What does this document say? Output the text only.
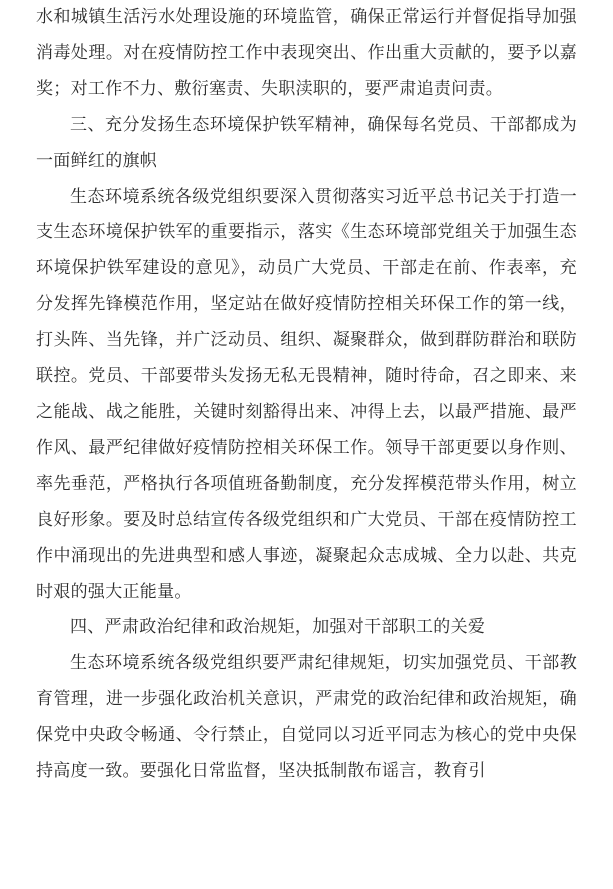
水和城镇生活污水处理设施的环境监管，确保正常运行并督促指导加强消毒处理。对在疫情防控工作中表现突出、作出重大贡献的，要予以嘉奖；对工作不力、敷衍塞责、失职渎职的，要严肃追责问责。

三、充分发扬生态环境保护铁军精神，确保每名党员、干部都成为一面鲜红的旗帜

生态环境系统各级党组织要深入贯彻落实习近平总书记关于打造一支生态环境保护铁军的重要指示，落实《生态环境部党组关于加强生态环境保护铁军建设的意见》，动员广大党员、干部走在前、作表率，充分发挥先锋模范作用，坚定站在做好疫情防控相关环保工作的第一线，打头阵、当先锋，并广泛动员、组织、凝聚群众，做到群防群治和联防联控。党员、干部要带头发扬无私无畏精神，随时待命，召之即来、来之能战、战之能胜，关键时刻豁得出来、冲得上去，以最严措施、最严作风、最严纪律做好疫情防控相关环保工作。领导干部更要以身作则、率先垂范，严格执行各项值班备勤制度，充分发挥模范带头作用，树立良好形象。要及时总结宣传各级党组织和广大党员、干部在疫情防控工作中涌现出的先进典型和感人事迹，凝聚起众志成城、全力以赴、共克时艰的强大正能量。

四、严肃政治纪律和政治规矩，加强对干部职工的关爱

生态环境系统各级党组织要严肃纪律规矩，切实加强党员、干部教育管理，进一步强化政治机关意识，严肃党的政治纪律和政治规矩，确保党中央政令畅通、令行禁止，自觉同以习近平同志为核心的党中央保持高度一致。要强化日常监督，坚决抵制散布谣言，教育引
